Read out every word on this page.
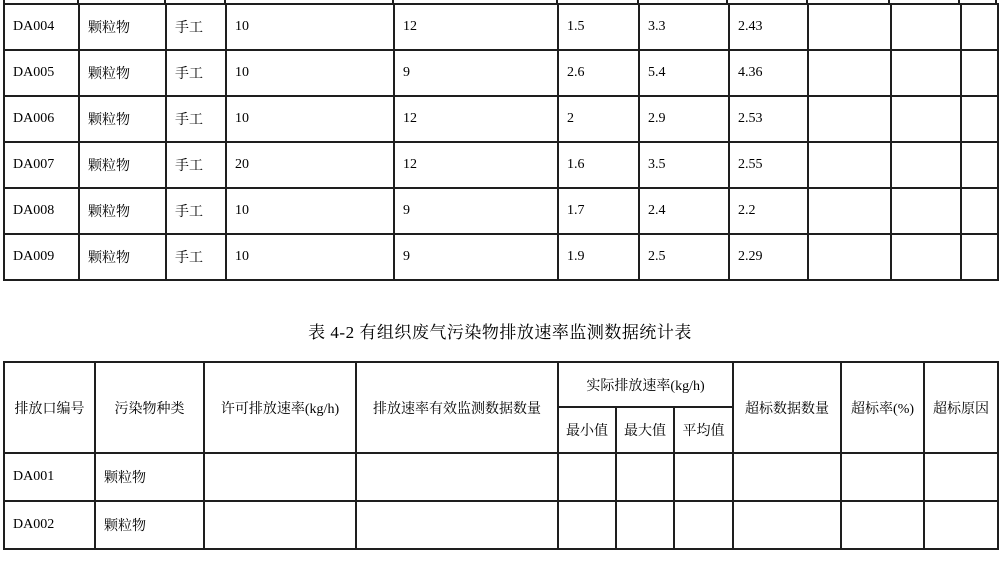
DA004	颗粒物	手工	10	12	1.5	3.3	2.43			
DA005	颗粒物	手工	10	9	2.6	5.4	4.36			
DA006	颗粒物	手工	10	12	2	2.9	2.53			
DA007	颗粒物	手工	20	12	1.6	3.5	2.55			
DA008	颗粒物	手工	10	9	1.7	2.4	2.2			
DA009	颗粒物	手工	10	9	1.9	2.5	2.29			
表 4-2 有组织废气污染物排放速率监测数据统计表
排放口编号	污染物种类	许可排放速率(kg/h)	排放速率有效监测数据数量	实际排放速率(kg/h)			超标数据数量	超标率(%)	超标原因
				最小值	最大值	平均值			
DA001	颗粒物								
DA002	颗粒物								
